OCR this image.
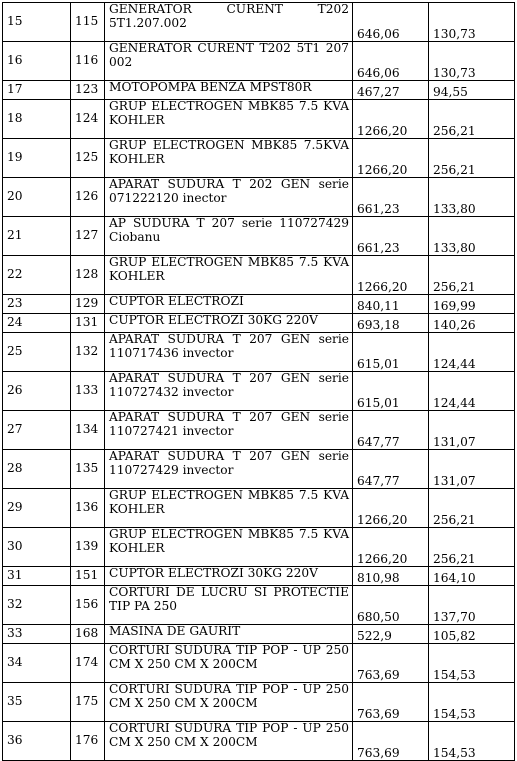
15	115	GENERATOR CURENT T202 5T1.207.002	646,06	130,73
16	116	GENERATOR CURENT T202 5T1 207 002	646,06	130,73
17	123	MOTOPOMPA BENZA MPST80R	467,27	94,55
18	124	GRUP ELECTROGEN MBK85 7.5 KVA KOHLER	1266,20	256,21
19	125	GRUP ELECTROGEN MBK85 7.5KVA KOHLER	1266,20	256,21
20	126	APARAT SUDURA T 202 GEN serie 071222120 inector	661,23	133,80
21	127	AP SUDURA T 207 serie 110727429 Ciobanu	661,23	133,80
22	128	GRUP ELECTROGEN MBK85 7.5 KVA KOHLER	1266,20	256,21
23	129	CUPTOR ELECTROZI	840,11	169,99
24	131	CUPTOR ELECTROZI 30KG 220V	693,18	140,26
25	132	APARAT SUDURA T 207 GEN serie 110717436 invector	615,01	124,44
26	133	APARAT SUDURA T 207 GEN serie 110727432 invector	615,01	124,44
27	134	APARAT SUDURA T 207 GEN serie 110727421 invector	647,77	131,07
28	135	APARAT SUDURA T 207 GEN serie 110727429 invector	647,77	131,07
29	136	GRUP ELECTROGEN MBK85 7.5 KVA KOHLER	1266,20	256,21
30	139	GRUP ELECTROGEN MBK85 7.5 KVA KOHLER	1266,20	256,21
31	151	CUPTOR ELECTROZI 30KG 220V	810,98	164,10
32	156	CORTURI DE LUCRU SI PROTECTIE TIP PA 250	680,50	137,70
33	168	MASINA DE GAURIT	522,9	105,82
34	174	CORTURI SUDURA TIP POP - UP 250 CM X 250 CM X 200CM	763,69	154,53
35	175	CORTURI SUDURA TIP POP - UP 250 CM X 250 CM X 200CM	763,69	154,53
36	176	CORTURI SUDURA TIP POP - UP 250 CM X 250 CM X 200CM	763,69	154,53
